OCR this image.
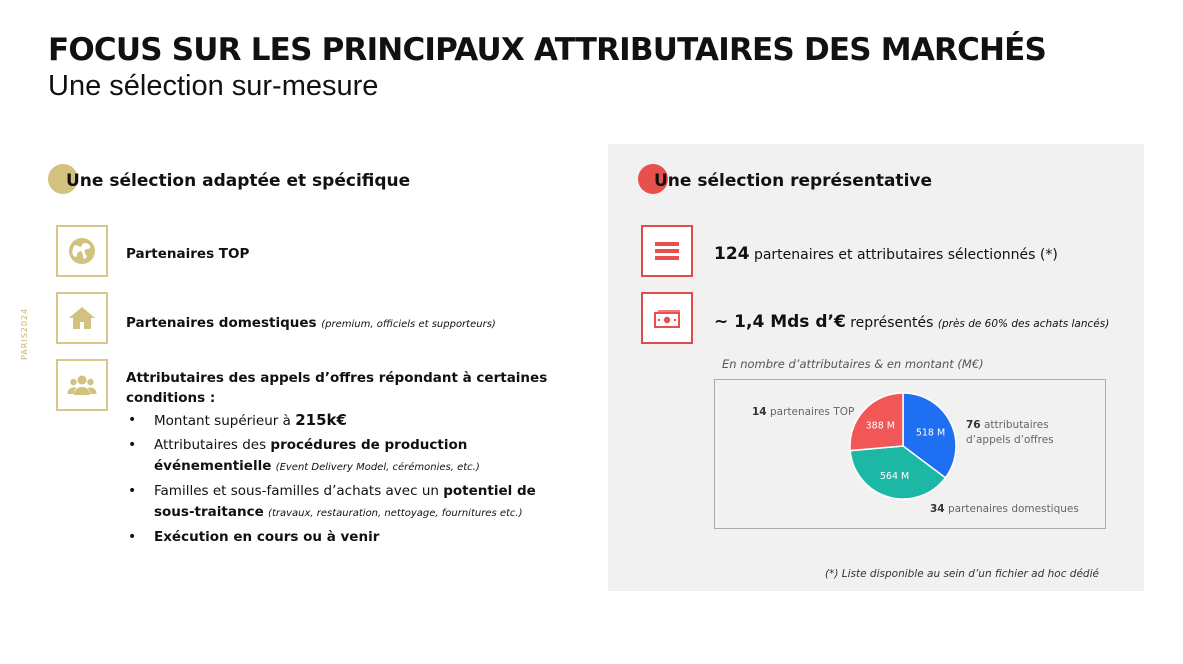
FOCUS SUR LES PRINCIPAUX ATTRIBUTAIRES DES MARCHÉS
Une sélection sur-mesure
PARIS2024
Une sélection adaptée et spécifique
Partenaires TOP
Partenaires domestiques (premium, officiels et supporteurs)
Attributaires des appels d’offres répondant à certaines conditions :
• Montant supérieur à 215k€
• Attributaires des procédures de production événementielle (Event Delivery Model, cérémonies, etc.)
• Familles et sous-familles d’achats avec un potentiel de sous-traitance (travaux, restauration, nettoyage, fournitures etc.)
• Exécution en cours ou à venir
Une sélection représentative
124 partenaires et attributaires sélectionnés (*)
~ 1,4 Mds d’€ représentés (près de 60% des achats lancés)
En nombre d’attributaires & en montant (M€)
518 M
564 M
388 M
14 partenaires TOP
76 attributaires d’appels d’offres
34 partenaires domestiques
(*) Liste disponible au sein d’un fichier ad hoc dédié
